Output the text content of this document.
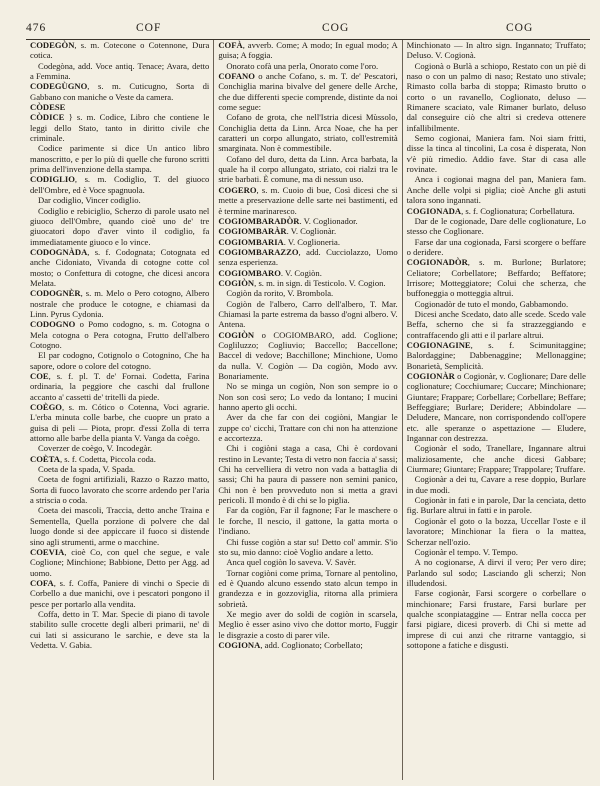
476	COF	COG	COG

CODEGÒN, s. m. Cotecone o Cotennone, Dura cotica.

Codegòna, add. Voce antiq. Tenace; Avara, detto a Femmina.

CODEGÙGNO, s. m. Cuticugno, Sorta di Gabbano con maniche o Veste da camera.

CÒDESE

CÒDICE } s. m. Codice, Libro che contiene le leggi dello Stato, tanto in diritto civile che criminale.

Codice parimente si dice Un antico libro manoscritto, e per lo più di quelle che furono scritti prima dell'invenzione della stampa.

CODIGLIO, s. m. Codiglio, T. del giuoco dell'Ombre, ed è Voce spagnuola.

Dar codiglio, Vincer codiglio.

Codiglio e rebiciglio, Scherzo di parole usato nel giuoco dell'Ombre, quando cioè uno de' tre giuocatori dopo d'aver vinto il codiglio, fa immediatamente giuoco e lo vince.

CODOGNÀDA, s. f. Codognata; Cotognata ed anche Cidoniato, Vivanda di cotogne cotte col mosto; o Confettura di cotogne, che dicesi ancora Melata.

CODOGNÈR, s. m. Melo o Pero cotogno, Albero nostrale che produce le cotogne, e chiamasi da Linn. Pyrus Cydonia.

CODOGNO o Pomo codogno, s. m. Cotogna o Mela cotogna o Pera cotogna, Frutto dell'albero Cotogno.

El par codogno, Cotignolo o Cotognino, Che ha sapore, odore o colore del cotogno.

COE, s. f. pl. T. de' Fornai. Codetta, Farina ordinaria, la peggiore che caschi dal frullone accanto a' cassetti de' tritelli da piede.

COÈGO, s. m. Cótico o Cotenna, Voci agrarie. L'erba minuta colle barbe, che cuopre un prato a guisa di peli — Piota, propr. d'essi Zolla di terra attorno alle barbe della pianta V. Vanga da coègo.

Coverzer de coègo, V. Incodegàr.

COÈTA, s. f. Codetta, Piccola coda.

Coeta de la spada, V. Spada.

Coeta de fogni artifiziali, Razzo o Razzo matto, Sorta di fuoco lavorato che scorre ardendo per l'aria a striscia o coda.

Coeta dei mascoli, Traccia, detto anche Traina e Sementella, Quella porzione di polvere che dal luogo donde si dee appiccare il fuoco si distende sino agli strumenti, arme o macchine.

COEVIA, cioè Co, con quel che segue, e vale Coglione; Minchione; Babbione, Detto per Agg. ad uomo.

COFA, s. f. Coffa, Paniere di vinchi o Specie di Corbello a due manichi, ove i pescatori pongono il pesce per portarlo alla vendita.

Coffa, detto in T. Mar. Specie di piano di tavole stabilito sulle crocette degli alberi primarii, ne' di cui lati si assicurano le sarchie, e deve sta la Vedetta. V. Gabia.

COFÀ, avverb. Come; A modo; In egual modo; A guisa; A foggia.

Onorato cofà una perla, Onorato come l'oro.

COFANO o anche Cofano, s. m. T. de' Pescatori, Conchiglia marina bivalve del genere delle Arche, che due differenti specie comprende, distinte da noi come segue:

Cofano de grota, che nell'Istria dicesi Mùssolo, Conchiglia detta da Linn. Arca Noae, che ha per caratteri un corpo allungato, striato, coll'estremità smarginata. Non è commestibile.

Cofano del duro, detta da Linn. Arca barbata, la quale ha il corpo allungato, striato, coi rialzi tra le strie barbati. È comune, ma di nessun uso.

COGERO, s. m. Cuoio di bue, Così dicesi che si mette a preservazione delle sarte nei bastimenti, ed è termine marinaresco.

COGIOMBARADÒR. V. Coglionador.

COGIOMBARÀR. V. Coglionàr.

COGIOMBARIA. V. Coglioneria.

COGIOMBARAZZO, add. Cucciolazzo, Uomo senza esperienza.

COGIOMBARO. V. Cogiòn.

COGIÒN, s. m. in sign. di Testicolo. V. Cogion.

Cogiòn da rorito, V. Brombola.

Cogiòn de l'albero, Carro dell'albero, T. Mar. Chiamasi la parte estrema da basso d'ogni albero. V. Antena.

COGIÒN o COGIOMBARO, add. Coglione; Cogliluzzo; Cogliuvio; Baccello; Baccellone; Baccel di vedove; Bacchillone; Minchione, Uomo da nulla. V. Cogiòn — Da cogiòn, Modo avv. Bonariamente.

No se minga un cogiòn, Non son sempre io o Non son così sero; Lo vedo da lontano; I mucini hanno aperto gli occhi.

Aver da che far con dei cogiòni, Mangiar le zuppe co' cicchi, Trattare con chi non ha attenzione e accortezza.

Chi i cogiòni staga a casa, Chi è cordovani restino in Levante; Testa di vetro non faccia a' sassi; Chi ha cervelliera di vetro non vada a battaglia di sassi; Chi ha paura di passere non semini panico, Chi non è ben provveduto non si metta a gravi pericoli. Il mondo è di chi se lo piglia.

Far da cogiòn, Far il fagnone; Far le maschere o le forche, Il nescio, il gattone, la gatta morta o l'indiano.

Chi fusse cogiòn a star su! Detto col' ammir. S'io sto su, mio danno: cioè Voglio andare a letto.

Anca quel cogiòn lo saveva. V. Savèr.

Tornar cogiòni come prima, Tornare al pentolino, ed è Quando alcuno essendo stato alcun tempo in grandezza e in gozzoviglia, ritorna alla primiera sobrietà.

Xe megio aver do soldi de cogiòn in scarsela, Meglio è esser asino vivo che dottor morto, Fuggir le disgrazie a costo di parer vile.

COGIONA, add. Coglionato; Corbellato;

Minchionato — In altro sign. Ingannato; Truffato; Deluso. V. Cogionà.

Cogionà o Burlà a schiopo, Restato con un piè di naso o con un palmo di naso; Restato uno stivale; Rimasto colla barba di stoppa; Rimasto brutto o corto o un ravanello, Coglionato, deluso — Rimanere scaciato, vale Rimaner burlato, deluso dal conseguire ciò che altri si credeva ottenere infallibilmente.

Semo cogionai, Maniera fam. Noi siam fritti, disse la tinca al tincolini, La cosa è disperata, Non v'è più rimedio. Addio fave. Star di casa alle rovinate.

Anca i cogionai magna del pan, Maniera fam. Anche delle volpi si piglia; cioè Anche gli astuti talora sono ingannati.

COGIONADA, s. f. Coglionatura; Corbellatura.

Dar de le cogionade, Dare delle coglionature, Lo stesso che Coglionare.

Farse dar una cogionada, Farsi scorgere o beffare o deridere.

COGIONADÒR, s. m. Burlone; Burlatore; Celiatore; Corbellatore; Beffardo; Beffatore; Irrisore; Motteggiatore; Colui che scherza, che buffoneggia o motteggia altrui.

Cogionadòr de tuto el mondo, Gabbamondo.

Dicesi anche Scedato, dato alle scede. Scedo vale Beffa, scherno che si fa strazzeggiando e contraffacendo gli atti e il parlare altrui.

COGIONAGINE, s. f. Scimunitaggine; Balordaggine; Dabbenaggine; Mellonaggine; Bonarietà, Semplicità.

COGIONÀR o Cogionàr, v. Coglionare; Dare delle coglionature; Cocchiumare; Cuccare; Minchionare; Giuntare; Frappare; Corbellare; Corbellare; Beffare; Beffeggiare; Burlare; Deridere; Abbindolare — Deludere, Mancare, non corrispondendo coll'opere etc. alle speranze o aspettazione — Eludere, Ingannar con destrezza.

Cogionàr el sodo, Tranellare, Ingannare altrui maliziosamente, che anche dicesi Gabbare; Ciurmare; Giuntare; Frappare; Trappolare; Truffare.

Cogionàr a dei tu, Cavare a rese doppio, Burlare in due modi.

Cogionàr in fati e in parole, Dar la cencìata, detto fig. Burlare altrui in fatti e in parole.

Cogionàr el goto o la bozza, Uccellar l'oste e il lavoratore; Minchionar la fiera o la mattea, Scherzar nell'ozio.

Cogionàr el tempo. V. Tempo.

A no cogionarse, A dirvi il vero; Per vero dire; Parlando sul sodo; Lasciando gli scherzi; Non illudendosi.

Farse cogionàr, Farsi scorgere o corbellare o minchionare; Farsi frustare, Farsi burlare per qualche sconpiataggine — Entrar nella cocca per farsi pigiare, dicesi proverb. di Chi si mette ad imprese di cui anzi che ritrarne vantaggio, si sottopone a fatiche e disgusti.
